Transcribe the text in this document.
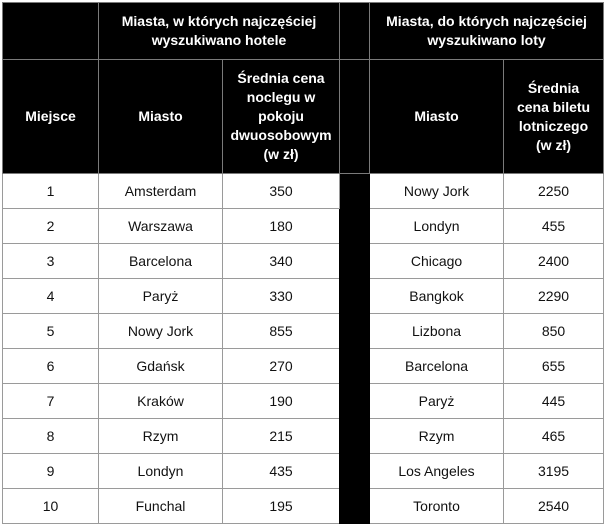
	Miasta, w których najczęściej wyszukiwano hotele			Miasta, do których najczęściej wyszukiwano loty	
Miejsce	Miasto	Średnia cena noclegu w pokoju dwuosobowym (w zł)		Miasto	Średnia cena biletu lotniczego (w zł)
1	Amsterdam	350		Nowy Jork	2250
2	Warszawa	180		Londyn	455
3	Barcelona	340		Chicago	2400
4	Paryż	330		Bangkok	2290
5	Nowy Jork	855		Lizbona	850
6	Gdańsk	270		Barcelona	655
7	Kraków	190		Paryż	445
8	Rzym	215		Rzym	465
9	Londyn	435		Los Angeles	3195
10	Funchal	195		Toronto	2540
